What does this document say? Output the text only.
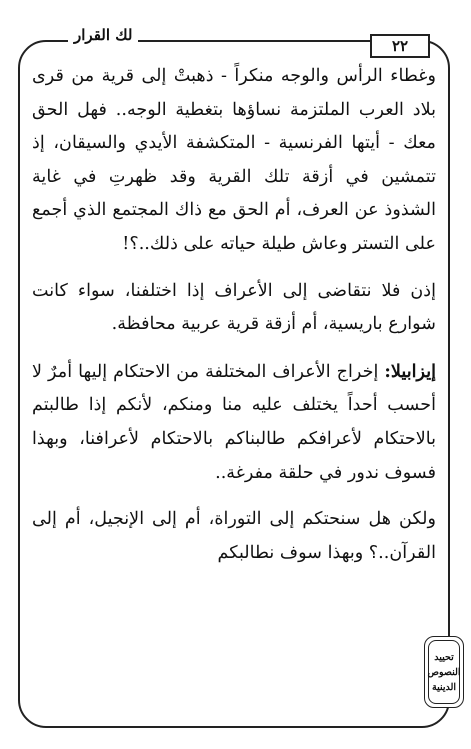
لك القرار
٢٢

وغطاء الرأس والوجه منكراً - ذهبتْ إلى قرية من قرى بلاد العرب الملتزمة نساؤها بتغطية الوجه.. فهل الحق معك - أيتها الفرنسية - المتكشفة الأيدي والسيقان، إذ تتمشين في أزقة تلك القرية وقد ظهرتِ في غاية الشذوذ عن العرف، أم الحق مع ذاك المجتمع الذي أجمع على التستر وعاش طيلة حياته على ذلك..؟!

إذن فلا نتقاضى إلى الأعراف إذا اختلفنا، سواء كانت شوارع باريسية، أم أزقة قرية عربية محافظة.

إيزابيلا: إخراج الأعراف المختلفة من الاحتكام إليها أمرٌ لا أحسب أحداً يختلف عليه منا ومنكم، لأنكم إذا طالبتم بالاحتكام لأعرافكم طالبناكم بالاحتكام لأعرافنا، وبهذا فسوف ندور في حلقة مفرغة..

ولكن هل سنحتكم إلى التوراة، أم إلى الإنجيل، أم إلى القرآن..؟ وبهذا سوف نطالبكم

تحييد
النصوص
الدينية
